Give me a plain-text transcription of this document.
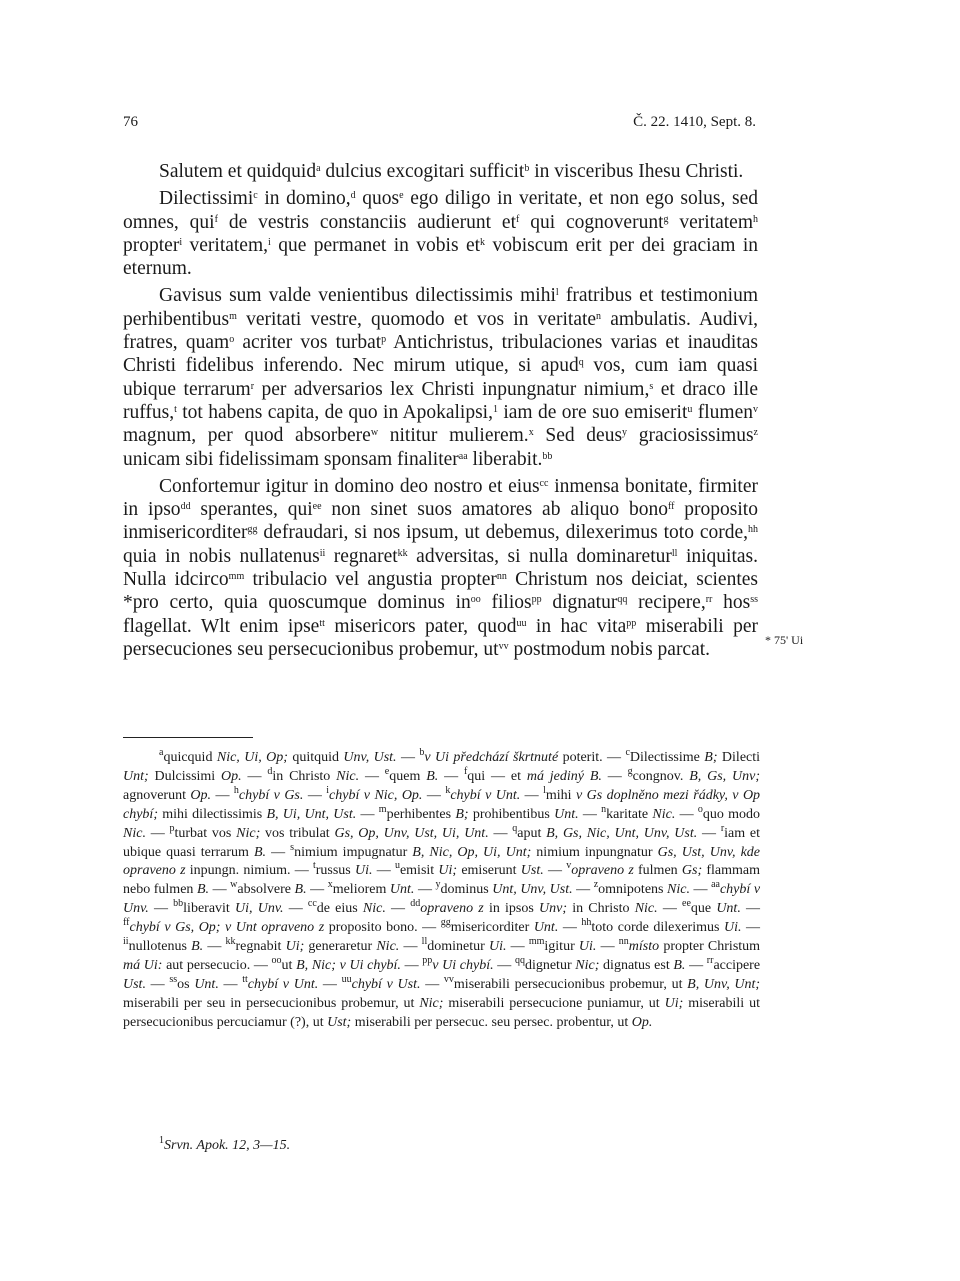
76	Č. 22. 1410, Sept. 8.

Salutem et quidquid$^a$ dulcius excogitari sufficit$^b$ in visceribus Ihesu Christi.

Dilectissimi$^c$ in domino,$^d$ quos$^e$ ego diligo in veritate, et non ego solus, sed omnes, qui$^f$ de vestris constanciis audierunt $et^f$ qui cognoverunt$^g$ veritatem$^h$ propter$^i$ veritatem,$^i$ que permanet in vobis $et^k$ vobiscum erit per dei graciam in eternum.

Gavisus sum valde venientibus dilectissimis mihi$^l$ fratribus et testimonium perhibentibus$^m$ veritati vestre, quomodo et vos in veritate$^n$ ambulatis. Audivi, fratres, quam$^o$ acriter vos turbat$^p$ Antichristus, tribulaciones varias et inauditas Christi fidelibus inferendo. Nec mirum utique, si apud$^q$ vos, cum iam quasi ubique terrarum$^r$ per adversarios lex Christi inpungnatur nimium,$^s$ et draco ille ruffus,$^t$ tot habens capita, de quo in Apokalipsi,$^1$ iam de ore suo emiserit$^u$ flumen$^v$ magnum, per quod absorbere$^w$ nititur mulierem.$^x$ Sed deus$^y$ graciosissimus$^z$ unicam sibi fidelissimam sponsam finaliter$^{aa}$ liberabit.$^{bb}$

Confortemur igitur in domino deo nostro et eius$^{cc}$ inmensa bonitate, firmiter in ipso$^{dd}$ sperantes, qui$^{ee}$ non sinet suos amatores ab aliquo bono$^{ff}$ proposito inmisericorditer$^{gg}$ defraudari, si nos ipsum, ut debemus, dilexerimus toto corde,$^{hh}$ quia in nobis nullatenus$^{ii}$ regnaret$^{kk}$ adversitas, si nulla dominaretur$^{ll}$ iniquitas. Nulla idcirco$^{mm}$ tribulacio vel angustia propter$^{nn}$ Christum nos deiciat, scientes *pro certo, quia quoscumque dominus $in^{oo}$ filios$^{pp}$ dignatur$^{qq}$ recipere,$^{rr}$ hos$^{ss}$ flagellat. Wlt enim ipse$^{tt}$ misericors pater, quod$^{uu}$ in hac vita$^{pp}$ miserabili per persecuciones seu persecucionibus probemur, $ut^{vv}$ postmodum nobis parcat.	* 75' Ui

$^a$quicquid Nic, Ui, Op; quitquid Unv, Ust. — $^b$v Ui předchází škrtnuté poterit. — $^c$Dilectissime B; Dilecti Unt; Dulcissimi Op. — $^d$in Christo Nic. — $^e$quem B. — $^f$qui — et má jediný B. — $^g$congnov. B, Gs, Unv; agnoverunt Op. — $^h$chybí v Gs. — $^i$chybí v Nic, Op. — $^k$chybí v Unt. — $^l$mihi v Gs doplněno mezi řádky, v Op chybí; mihi dilectissimis B, Ui, Unt, Ust. — $^m$perhibentes B; prohibentibus Unt. — $^n$karitate Nic. — $^o$quo modo Nic. — $^p$turbat vos Nic; vos tribulat Gs, Op, Unv, Ust, Ui, Unt. — $^q$aput B, Gs, Nic, Unt, Unv, Ust. — $^r$iam et ubique quasi terrarum B. — $^s$nimium impugnatur B, Nic, Op, Ui, Unt; nimium inpungnatur Gs, Ust, Unv, kde opraveno z inpungn. nimium. — $^t$russus Ui. — $^u$emisit Ui; emiserunt Ust. — $^v$opraveno z fulmen Gs; flammam nebo fulmen B. — $^w$absolvere B. — $^x$meliorem Unt. — $^y$dominus Unt, Unv, Ust. — $^z$omnipotens Nic. — $^{aa}$chybí v Unv. — $^{bb}$liberavit Ui, Unv. — $^{cc}$de eius Nic. — $^{dd}$opraveno z in ipsos Unv; in Christo Nic. — $^{ee}$que Unt. — $^{ff}$chybí v Gs, Op; v Unt opraveno z proposito bono. — $^{gg}$misericorditer Unt. — $^{hh}$toto corde dilexerimus Ui. — $^{ii}$nullotenus B. — $^{kk}$regnabit Ui; generaretur Nic. — $^{ll}$dominetur Ui. — $^{mm}$igitur Ui. — $^{nn}$místo propter Christum má Ui: aut persecucio. — $^{oo}$ut B, Nic; v Ui chybí. — $^{pp}$v Ui chybí. — $^{qq}$dignetur Nic; dignatus est B. — $^{rr}$accipere Ust. — $^{ss}$os Unt. — $^{tt}$chybí v Unt. — $^{uu}$chybí v Ust. — $^{vv}$miserabili persecucionibus probemur, ut B, Unv, Unt; miserabili per seu in persecucionibus probemur, ut Nic; miserabili persecucione puniamur, ut Ui; miserabili ut persecucionibus percuciamur (?), ut Ust; miserabili per persecuc. seu persec. probentur, ut Op.

$^1$Srvn. Apok. 12, 3—15.
